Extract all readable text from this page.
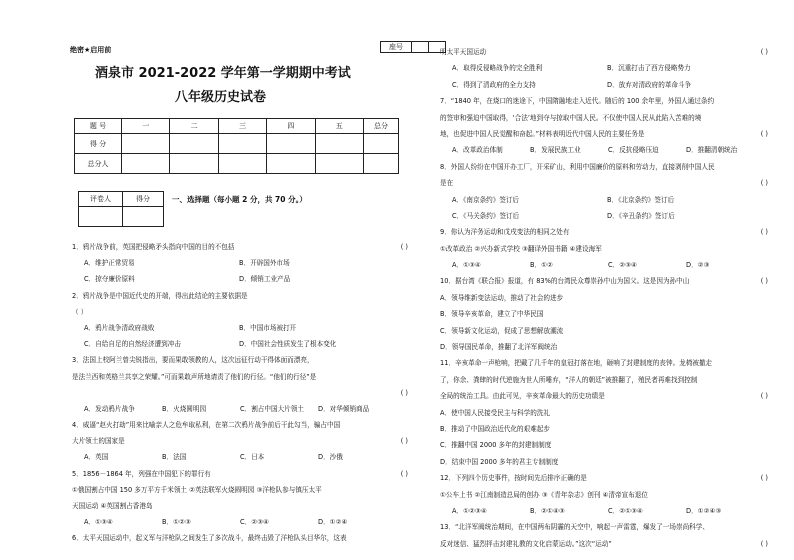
绝密★启用前	座号		
酒泉市 2021-2022 学年第一学期期中考试
八年级历史试卷
题 号	一	二	三	四	五	总分
得 分						
总分人						
评卷人	得分
		一、选择题（每小题 2 分，共 70 分。）
1．鸦片战争前，英国把侵略矛头指向中国的目的不包括	( )
A．维护正常贸易	B．开辟国外市场
C．掠夺廉价原料	D．倾销工业产品
2．鸦片战争是中国近代史的开端，得出此结论的主要依据是
（ ）
A．鸦片战争清政府战败	B．中国市场被打开
C．自给自足的自然经济遭到冲击	D．中国社会性质发生了根本变化
3．法国上校阿兰曾尖锐指出，要而果敢领教的人，这次远征行动干得体面而漂亮，
是法兰西和英格兰共享之荣耀。”可而果敢声所地请责了他们的行径。“他们的行径”是
( )
A．发动鸦片战争	B．火烧圆明园	C．割占中国大片领土 D．对华倾销商品
4．威逼“赵火打劫”用来比喻亲人之危牟取私利，在第二次鸦片战争前后干此勾当，骗占中国
大片领土的国家是	( )
A．英国	B．法国	C．日本	D．沙俄
5．1856－1864 年，列强在中国犯下的罪行有	( )
①俄国割占中国 150 多万平方千米领土 ②英法联军火烧圆明园 ③洋枪队参与镇压太平
天国运动 ④英国割占香港岛
A．①③④	B．①②③	C．②③④	D．①②④
6．太平天国运动中，起义军与洋枪队之间发生了多次战斗，最终击毁了洋枪队头目华尔，这表
明太平天国运动	( )
A．取得反侵略战争的完全胜利	B．沉重打击了西方侵略势力
C．得到了清政府的全力支持	D．放弃对清政府的革命斗争
7．“1840 年，在烧口的迷途下，中国隋融地走入近代。随后的 100 余年里，外国人通过条约
的签审和强迫中国取得，‘合法’地到夺与掠取中国人民。不仅使中国人民从此陷入苦难的境
地，也促进中国人民觉醒和奋起。”材料表明近代中国人民的主要任务是	( )
A．改革政治体制	B．发展民族工业	C．反抗侵略压迫	D．推翻清朝统治
8．外国人纷纷在中国开办工厂，开采矿山，利用中国廉价的原料和劳动力，直接剥削中国人民
是在	( )
A．《南京条约》签订后	B．《北京条约》签订后
C．《马关条约》签订后	D．《辛丑条约》签订后
9．你认为洋务运动和戊戌变法的相同之处有	( )
①改革政治 ②兴办新式学校 ③翻译外国书籍 ④建设海军
A．①③④	B．①②	C．②③④	D．②③
10．据台湾《联合报》报道，有 83%的台湾民众尊崇孙中山为国父。这是因为孙中山	( )
A．领导维新变法运动，推动了社会的进步
B．领导辛亥革命，建立了中华民国
C．领导新文化运动，促成了思想解放潮流
D．领导国民革命，推翻了北洋军阀统治
11．辛亥革命一声枪响，把戴了几千年的皇冠打落在地，砸响了封建制度的丧钟。龙椅被撤走
了，你余、粪肆的时代逆施为世人所唾弃，“洋人的朝廷”被推翻了，殖民者再难找到控制
全局的统治工具。由此可见，辛亥革命最大的历史功绩是	( )
A．使中国人民接受民主与科学的洗礼
B．推动了中国政治近代化的艰难起步
C．推翻中国 2000 多年的封建制制度
D．结束中国 2000 多年的君主专制制度
12．下列四个历史事件，按时间先后排序正确的是	( )
①公车上书 ②江南制造总局的创办 ③《青年杂志》创刊 ④清帝宣布退位
A．①②③④	B．②①④③	C．②①③④	D．①②④③
13．“北洋军阀统治期间，在中国两布阴霾的天空中，响起一声雷霆，爆发了一场崇尚科学、
反对迷信、猛烈抨击封建礼教的文化启蒙运动。”这次“运动”	( )
